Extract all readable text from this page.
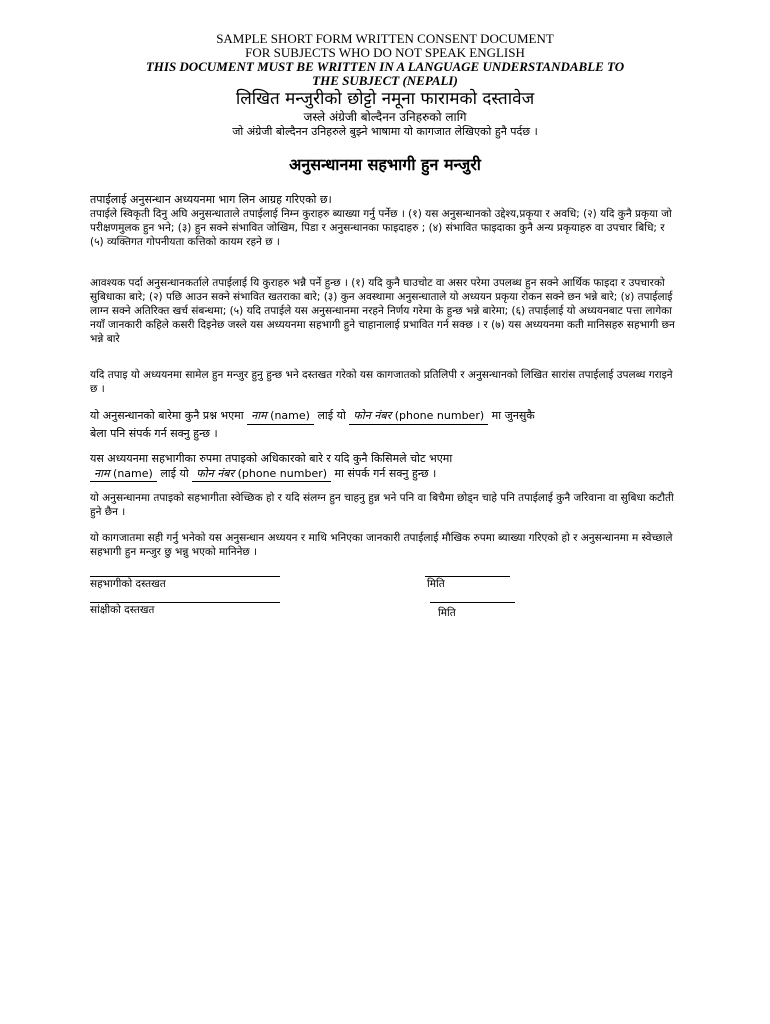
SAMPLE SHORT FORM WRITTEN CONSENT DOCUMENT
FOR SUBJECTS WHO DO NOT SPEAK ENGLISH
THIS DOCUMENT MUST BE WRITTEN IN A LANGUAGE UNDERSTANDABLE TO
THE SUBJECT (NEPALI)
लिखित मन्जुरीको छोट्टो नमूना फारामको दस्तावेज
जस्ले अंग्रेजी बोल्दैनन उनिहरुको लागि
जो अंग्रेजी बोल्दैनन उनिहरुले बुझ्ने भाषामा यो कागजात लेखिएको हुनै पर्दछ ।
अनुसन्धानमा सहभागी हुन मन्जुरी

तपाईलाई अनुसन्धान अध्ययनमा भाग लिन आग्रह गरिएको छ।

तपाईले स्विकृती दिनु अघि अनुसन्धाताले तपाईलाई निम्न कुराहरु ब्याख्या गर्नु पर्नेछ । (१) यस अनुसन्धानको उद्देश्य,प्रकृया र अवधि; (२) यदि कुनै प्रकृया जो परीक्षणमुलक हुन भने; (३) हुन सक्ने संभावित जोखिम, पिडा र अनुसन्धानका फाइदाहरु ; (४) संभावित फाइदाका कुनै अन्य प्रकृयाहरु वा उपचार बिधि; र (५) व्यक्तिगत गोपनीयता कत्तिको कायम रहने छ ।

आवश्यक पर्दा अनुसन्धानकर्ताले तपाईलाई यि कुराहरु भन्नै पर्ने हुन्छ । (१) यदि कुनै घाउचोट वा असर परेमा उपलब्ध हुन सक्ने आर्थिक फाइदा र उपचारको सुबिधाका बारे; (२) पछि आउन सक्ने संभावित खतराका बारे; (३) कुन अवस्थामा अनुसन्धाताले यो अध्ययन प्रकृया रोकन सक्ने छन भन्ने बारे; (४) तपाईलाई लाग्न सक्ने अतिरिक्त खर्च संबन्धमा; (५) यदि तपाईले यस अनुसन्धानमा नरहने निर्णय गरेमा के हुन्छ भन्ने बारेमा; (६) तपाईलाई यो अध्ययनबाट पत्ता लागेका नयाँ जानकारी कहिले कसरी दिइनेछ जस्ले यस अध्ययनमा सहभागी हुने चाहानालाई प्रभावित गर्न सक्छ । र (७) यस अध्ययनमा कती मानिसहरु सहभागी छन भन्ने बारे
यदि तपाइ यो अध्ययनमा सामेल हुन मन्जुर हुनु हुन्छ भने दस्तखत गरेको यस कागजातको प्रतिलिपी र अनुसन्धानको लिखित सारांस तपाईलाई उपलब्ध गराइने छ ।
यो अनुसन्धानको बारेमा कुनै प्रश्न भएमा नाम (name) लाई यो फोन नंबर (phone number) मा जुनसुकै
बेला पनि संपर्क गर्न सक्नु हुन्छ ।
यस अध्ययनमा सहभागीका रुपमा तपाइको अधिकारको बारे र यदि कुनै किसिमले चोट भएमा
नाम (name) लाई यो फोन नंबर (phone number) मा संपर्क गर्न सक्नु हुन्छ ।
यो अनुसन्धानमा तपाइको सहभागीता स्वेच्छिक हो र यदि संलग्न हुन चाहनु हुन्न भने पनि वा बिचैमा छोड्न चाहे पनि तपाईलाई कुनै जरिवाना वा सुबिधा कटौती हुने छैन ।
यो कागजातमा सही गर्नु भनेको यस अनुसन्धान अध्ययन र माथि भनिएका जानकारी तपाईलाई मौखिक रुपमा ब्याख्या गरिएको हो र अनुसन्धानमा म स्वेच्छाले सहभागी हुन मन्जुर छु भन्नु भएको मानिनेछ ।
सहभागीको दस्तखत	मिति
सांक्षीको दस्तखत	मिति
